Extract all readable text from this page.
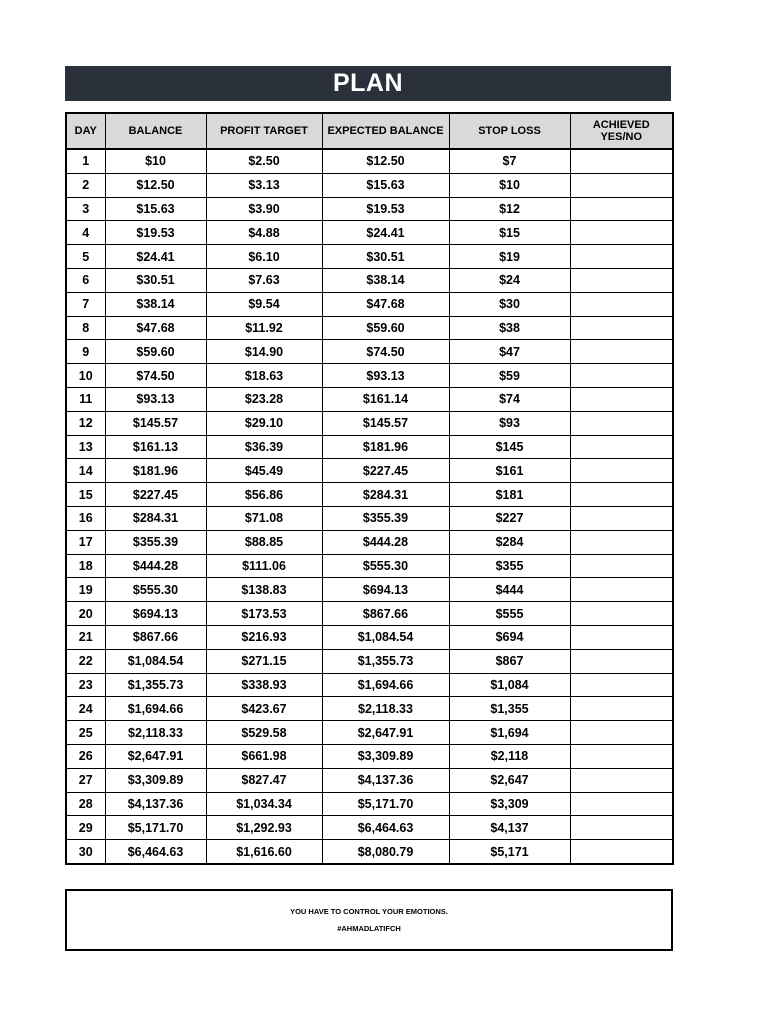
PLAN
DAY	BALANCE	PROFIT TARGET	EXPECTED BALANCE	STOP LOSS	ACHIEVED
YES/NO
1	$10	$2.50	$12.50	$7	
2	$12.50	$3.13	$15.63	$10	
3	$15.63	$3.90	$19.53	$12	
4	$19.53	$4.88	$24.41	$15	
5	$24.41	$6.10	$30.51	$19	
6	$30.51	$7.63	$38.14	$24	
7	$38.14	$9.54	$47.68	$30	
8	$47.68	$11.92	$59.60	$38	
9	$59.60	$14.90	$74.50	$47	
10	$74.50	$18.63	$93.13	$59	
11	$93.13	$23.28	$161.14	$74	
12	$145.57	$29.10	$145.57	$93	
13	$161.13	$36.39	$181.96	$145	
14	$181.96	$45.49	$227.45	$161	
15	$227.45	$56.86	$284.31	$181	
16	$284.31	$71.08	$355.39	$227	
17	$355.39	$88.85	$444.28	$284	
18	$444.28	$111.06	$555.30	$355	
19	$555.30	$138.83	$694.13	$444	
20	$694.13	$173.53	$867.66	$555	
21	$867.66	$216.93	$1,084.54	$694	
22	$1,084.54	$271.15	$1,355.73	$867	
23	$1,355.73	$338.93	$1,694.66	$1,084	
24	$1,694.66	$423.67	$2,118.33	$1,355	
25	$2,118.33	$529.58	$2,647.91	$1,694	
26	$2,647.91	$661.98	$3,309.89	$2,118	
27	$3,309.89	$827.47	$4,137.36	$2,647	
28	$4,137.36	$1,034.34	$5,171.70	$3,309	
29	$5,171.70	$1,292.93	$6,464.63	$4,137	
30	$6,464.63	$1,616.60	$8,080.79	$5,171	
YOU HAVE TO CONTROL YOUR EMOTIONS.
#AHMADLATIFCH
